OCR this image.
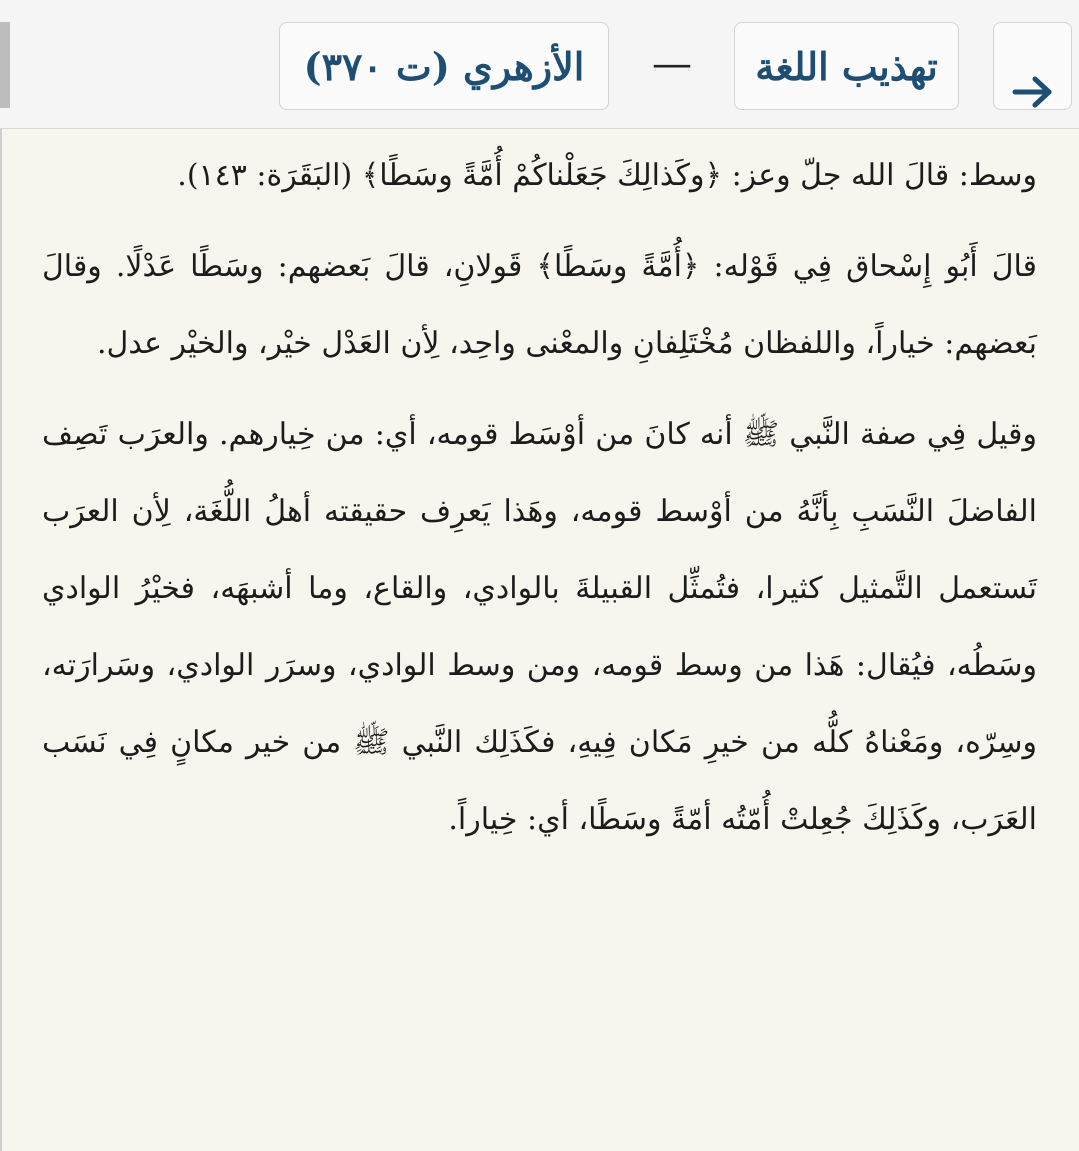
الأزهري (ت ٣٧٠)	—	تهذيب اللغة

وسط: قالَ الله جلّ وعز: ﴿وكَذالِكَ جَعَلْناكُمْ أُمَّةً وسَطًا﴾ (البَقَرَة: ١٤٣).

قالَ أَبُو إِسْحاق فِي قَوْله: ﴿أُمَّةً وسَطًا﴾ قَولانِ، قالَ بَعضهم: وسَطًا عَدْلًا. وقالَ بَعضهم: خياراً، واللفظان مُخْتَلِفانِ والمعْنى واحِد، لِأن العَدْل خيْر، والخيْر عدل.

وقيل فِي صفة النَّبي ﷺ أنه كانَ من أوْسَط قومه، أي: من خِيارهم. والعرَب تَصِف الفاضلَ النَّسَبِ بِأنَّهُ من أوْسط قومه، وهَذا يَعرِف حقيقته أهلُ اللُّغَة، لِأن العرَب تَستعمل التَّمثيل كثيرا، فتُمثِّل القبيلةَ بالوادي، والقاع، وما أشبهَه، فخيْرُ الوادي وسَطُه، فيُقال: هَذا من وسط قومه، ومن وسط الوادي، وسرَر الوادي، وسَرارَته، وسِرّه، ومَعْناهُ كلُّه من خيرِ مَكان فِيهِ، فكَذَلِك النَّبي ﷺ من خير مكانٍ فِي نَسَب العَرَب، وكَذَلِكَ جُعِلتْ أُمّتُه أمّةً وسَطًا، أي: خِياراً.
